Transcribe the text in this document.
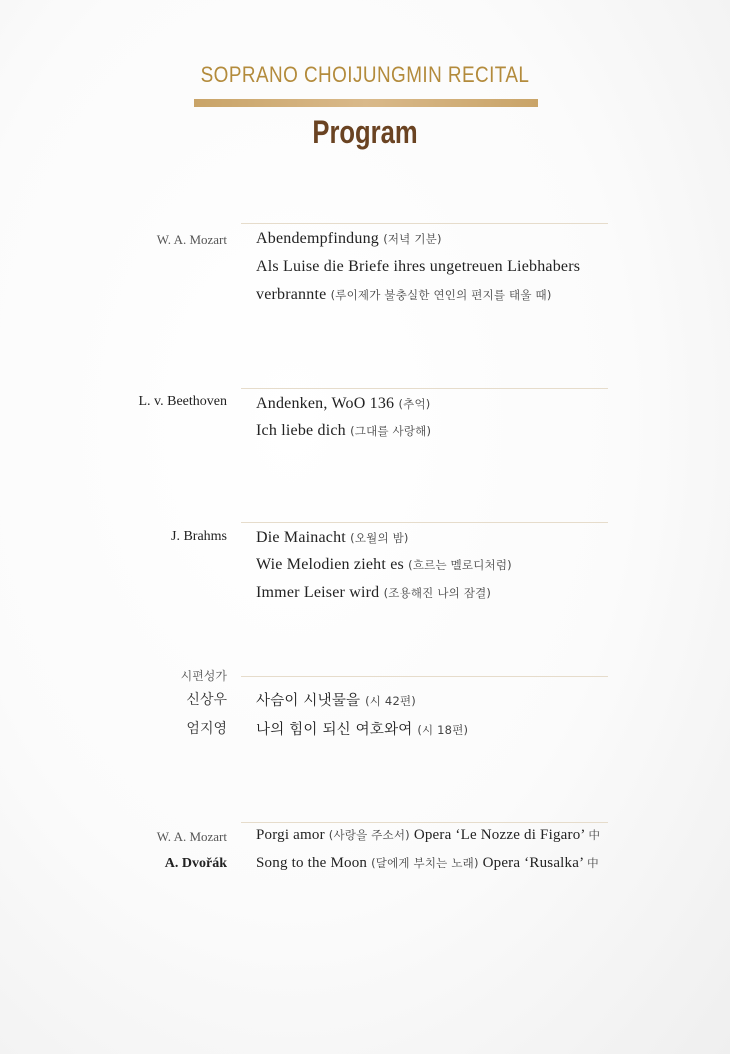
SOPRANO CHOIJUNGMIN RECITAL
Program
W. A. Mozart Abendempfindung (저녁 기분)
Als Luise die Briefe ihres ungetreuen Liebhabers
verbrannte (루이제가 불충실한 연인의 편지를 태울 때)
L. v. Beethoven Andenken, WoO 136 (추억)
Ich liebe dich (그대를 사랑해)
J. Brahms Die Mainacht (오월의 밤)
Wie Melodien zieht es (흐르는 멜로디처럼)
Immer Leiser wird (조용해진 나의 잠결)
시편성가
신상우 사슴이 시냇물을 (시 42편)
엄지영 나의 힘이 되신 여호와여 (시 18편)
W. A. Mozart Porgi amor (사랑을 주소서) Opera ‘Le Nozze di Figaro’ 中
A. Dvořák Song to the Moon (달에게 부치는 노래) Opera ‘Rusalka’ 中
